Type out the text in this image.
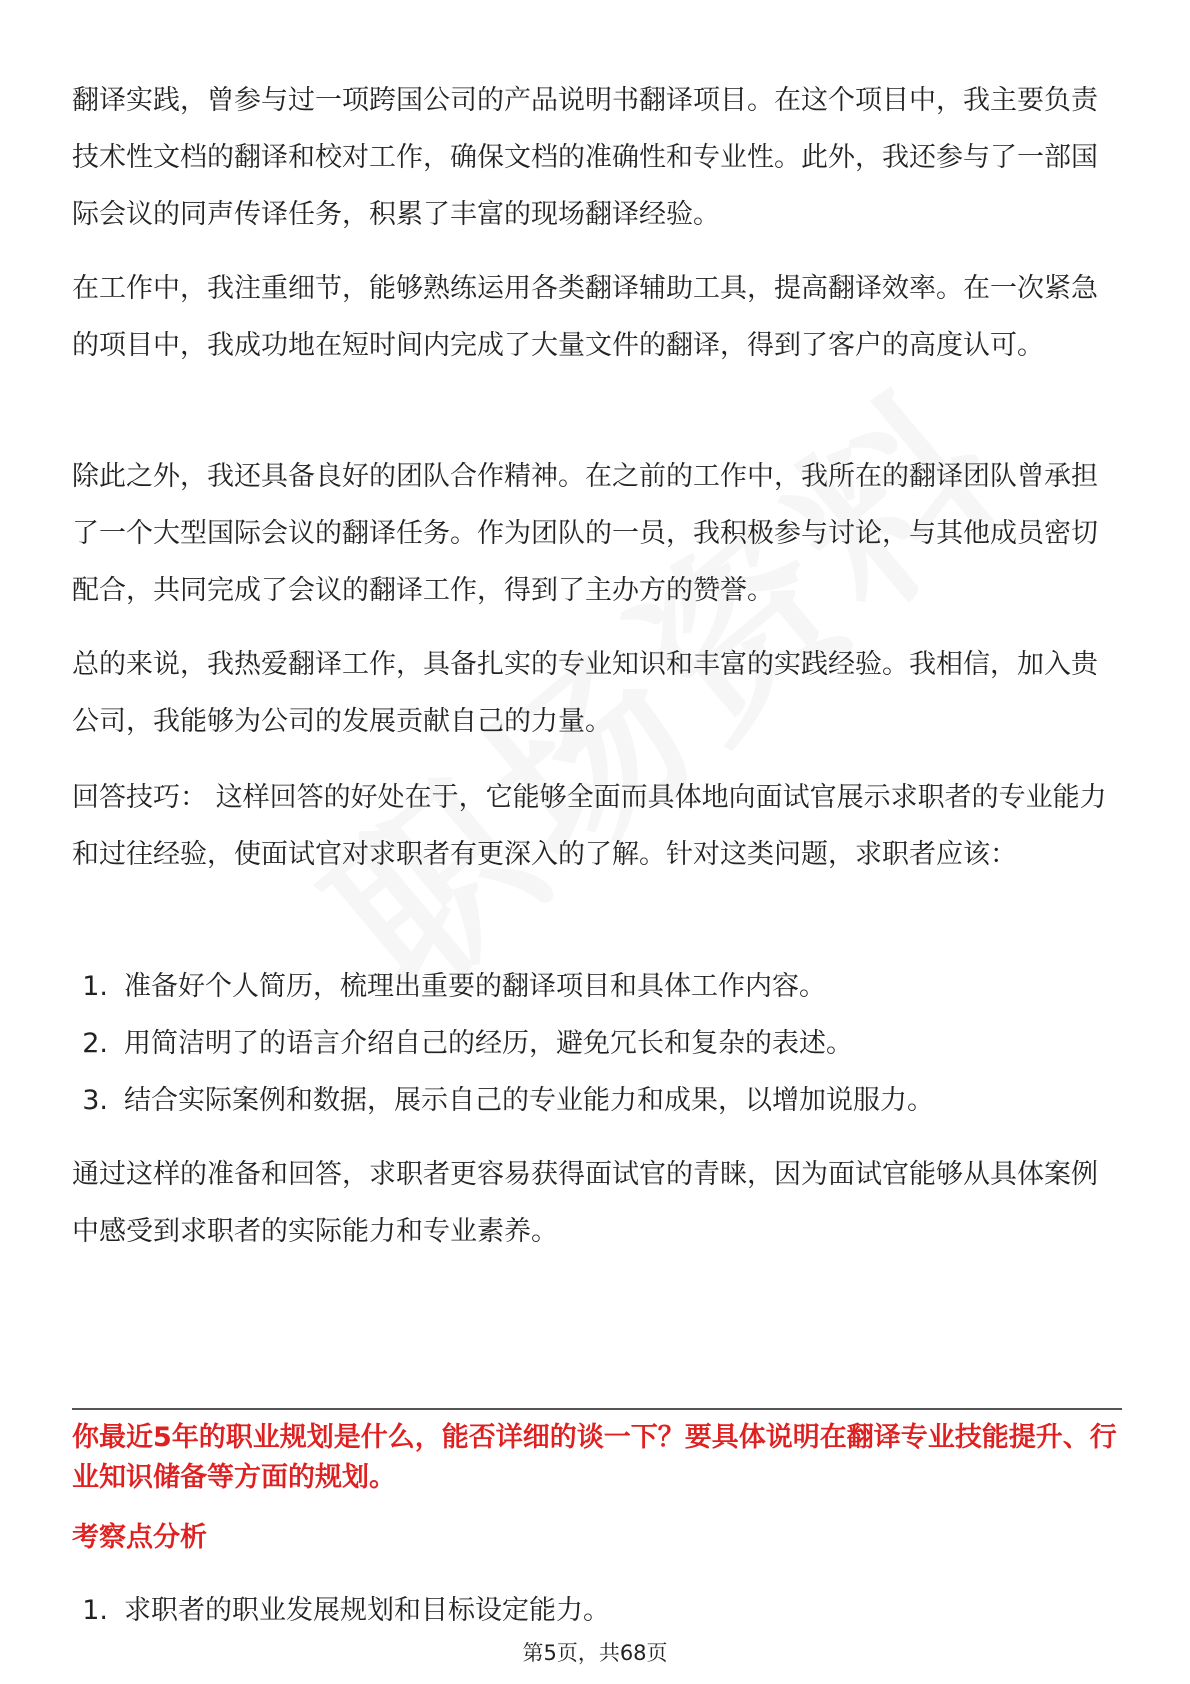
翻译实践，曾参与过一项跨国公司的产品说明书翻译项目。在这个项目中，我主要负责技术性文档的翻译和校对工作，确保文档的准确性和专业性。此外，我还参与了一部国际会议的同声传译任务，积累了丰富的现场翻译经验。

在工作中，我注重细节，能够熟练运用各类翻译辅助工具，提高翻译效率。在一次紧急的项目中，我成功地在短时间内完成了大量文件的翻译，得到了客户的高度认可。

除此之外，我还具备良好的团队合作精神。在之前的工作中，我所在的翻译团队曾承担了一个大型国际会议的翻译任务。作为团队的一员，我积极参与讨论，与其他成员密切配合，共同完成了会议的翻译工作，得到了主办方的赞誉。

总的来说，我热爱翻译工作，具备扎实的专业知识和丰富的实践经验。我相信，加入贵公司，我能够为公司的发展贡献自己的力量。

回答技巧： 这样回答的好处在于，它能够全面而具体地向面试官展示求职者的专业能力和过往经验，使面试官对求职者有更深入的了解。针对这类问题，求职者应该：

1. 准备好个人简历，梳理出重要的翻译项目和具体工作内容。
2. 用简洁明了的语言介绍自己的经历，避免冗长和复杂的表述。
3. 结合实际案例和数据，展示自己的专业能力和成果，以增加说服力。

通过这样的准备和回答，求职者更容易获得面试官的青睐，因为面试官能够从具体案例中感受到求职者的实际能力和专业素养。

你最近5年的职业规划是什么，能否详细的谈一下？要具体说明在翻译专业技能提升、行业知识储备等方面的规划。

考察点分析

1. 求职者的职业发展规划和目标设定能力。
第5页，共68页
